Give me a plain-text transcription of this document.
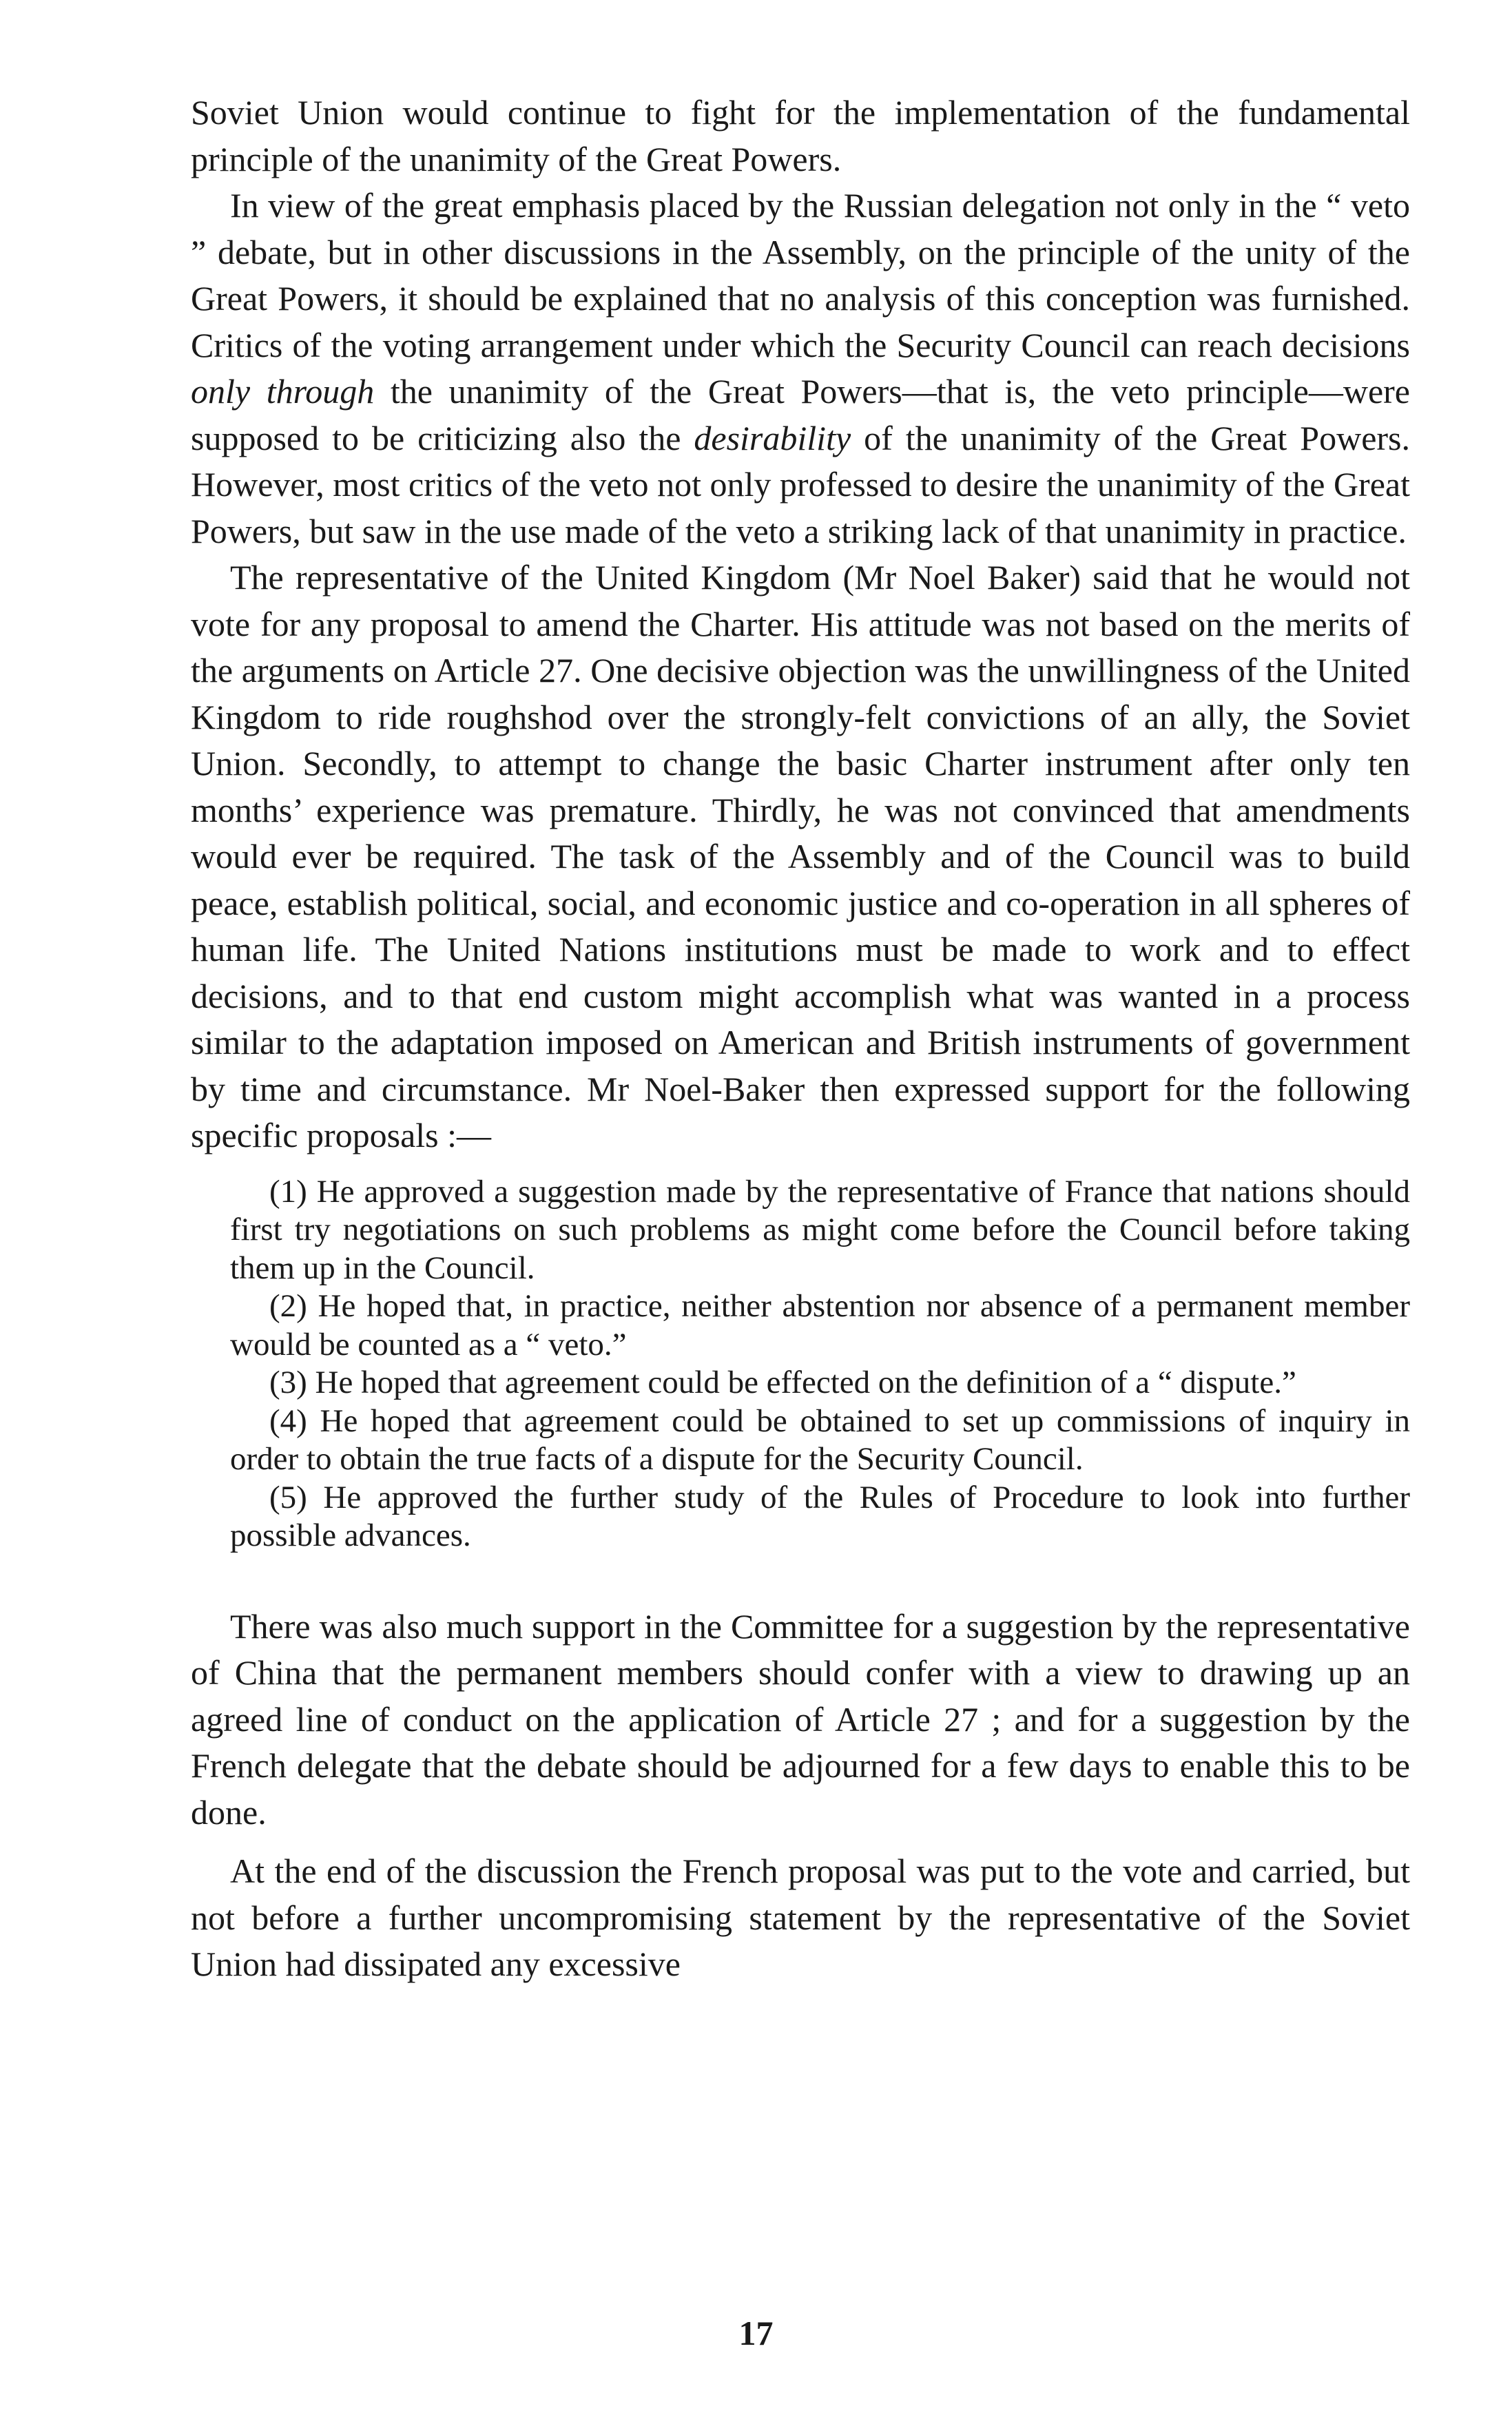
Soviet Union would continue to fight for the implementation of the fundamental principle of the unanimity of the Great Powers.

In view of the great emphasis placed by the Russian delegation not only in the “ veto ” debate, but in other discussions in the Assembly, on the principle of the unity of the Great Powers, it should be explained that no analysis of this conception was furnished. Critics of the voting arrangement under which the Security Council can reach decisions only through the unanimity of the Great Powers—that is, the veto principle—were supposed to be criticizing also the desirability of the unanimity of the Great Powers. However, most critics of the veto not only professed to desire the unanimity of the Great Powers, but saw in the use made of the veto a striking lack of that unanimity in practice.

The representative of the United Kingdom (Mr Noel Baker) said that he would not vote for any proposal to amend the Charter. His attitude was not based on the merits of the arguments on Article 27. One decisive objection was the unwillingness of the United Kingdom to ride roughshod over the strongly-felt convictions of an ally, the Soviet Union. Secondly, to attempt to change the basic Charter instrument after only ten months’ experience was premature. Thirdly, he was not convinced that amendments would ever be required. The task of the Assembly and of the Council was to build peace, establish political, social, and economic justice and co-operation in all spheres of human life. The United Nations institutions must be made to work and to effect decisions, and to that end custom might accomplish what was wanted in a process similar to the adaptation imposed on American and British instruments of government by time and circumstance. Mr Noel-Baker then expressed support for the following specific proposals :—

(1) He approved a suggestion made by the representative of France that nations should first try negotiations on such problems as might come before the Council before taking them up in the Council.

(2) He hoped that, in practice, neither abstention nor absence of a permanent member would be counted as a “ veto.”

(3) He hoped that agreement could be effected on the definition of a “ dispute.”

(4) He hoped that agreement could be obtained to set up commissions of inquiry in order to obtain the true facts of a dispute for the Security Council.

(5) He approved the further study of the Rules of Procedure to look into further possible advances.

There was also much support in the Committee for a suggestion by the representative of China that the permanent members should confer with a view to drawing up an agreed line of conduct on the application of Article 27 ; and for a suggestion by the French delegate that the debate should be adjourned for a few days to enable this to be done.

At the end of the discussion the French proposal was put to the vote and carried, but not before a further uncompromising statement by the representative of the Soviet Union had dissipated any excessive

17
